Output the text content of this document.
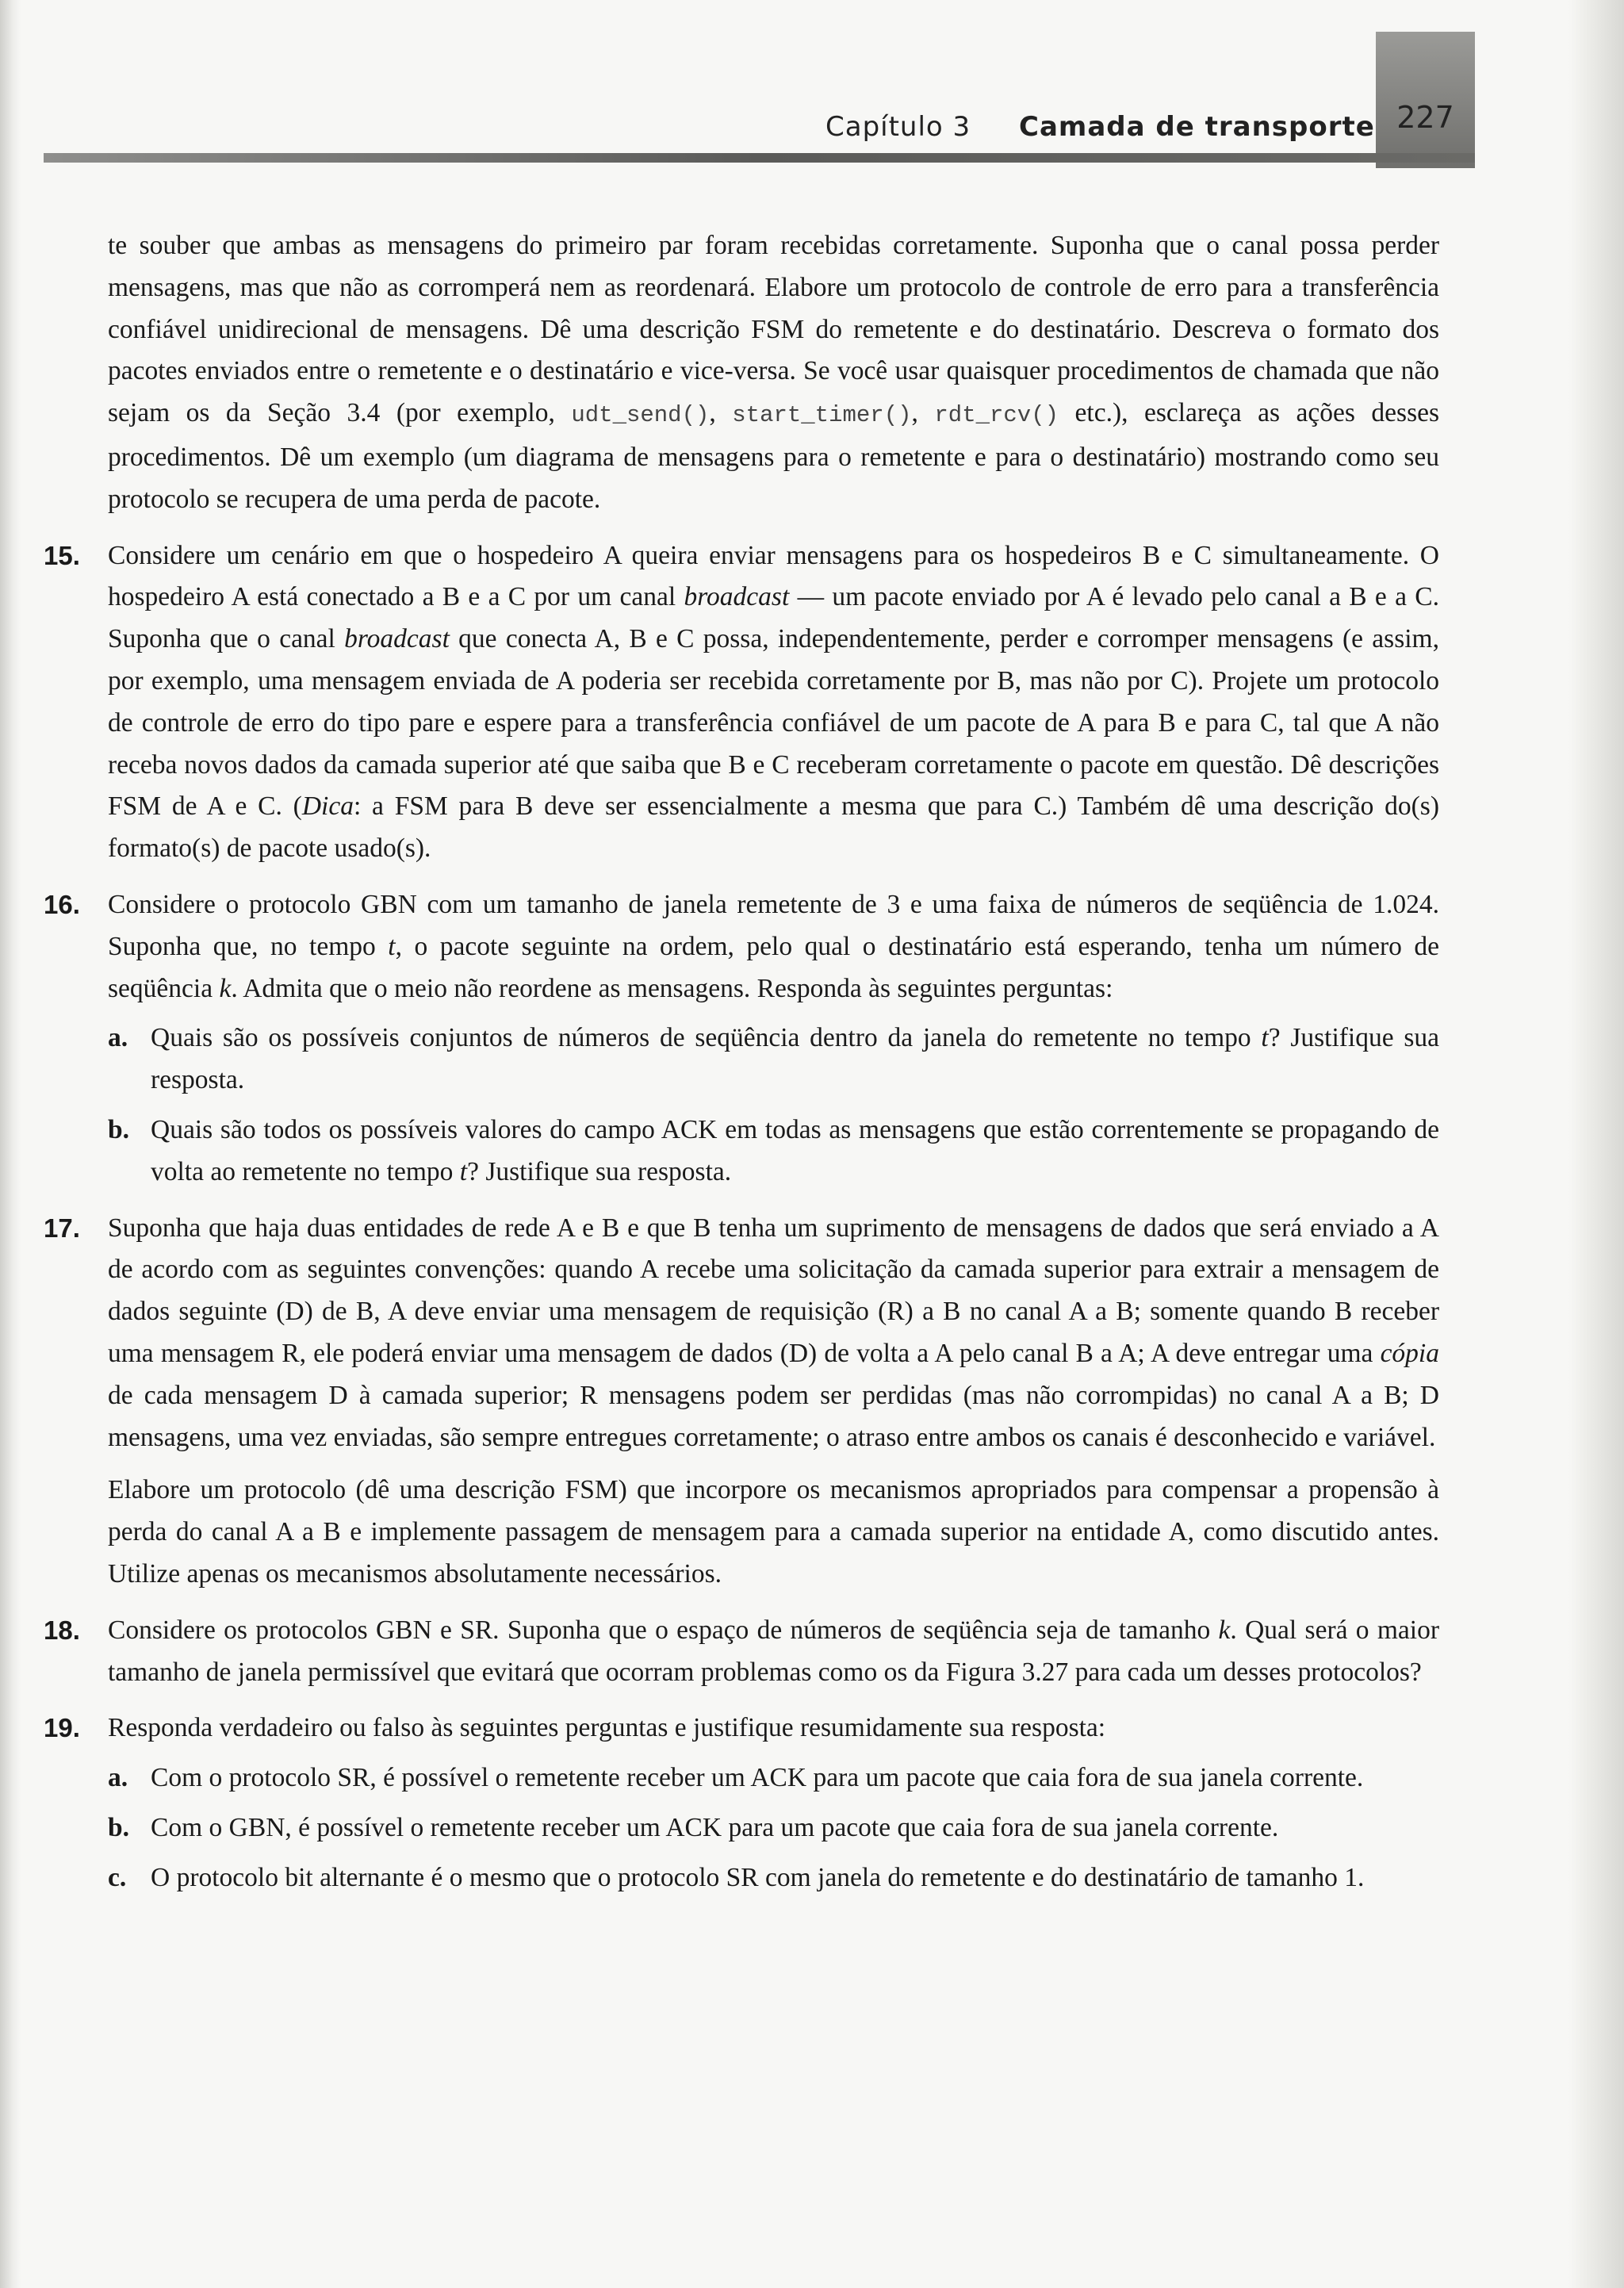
227
Capítulo 3 Camada de transporte

te souber que ambas as mensagens do primeiro par foram recebidas corretamente. Suponha que o canal possa perder mensagens, mas que não as corromperá nem as reordenará. Elabore um protocolo de controle de erro para a transferência confiável unidirecional de mensagens. Dê uma descrição FSM do remetente e do destinatário. Descreva o formato dos pacotes enviados entre o remetente e o destinatário e vice-versa. Se você usar quaisquer procedimentos de chamada que não sejam os da Seção 3.4 (por exemplo, udt_send(), start_timer(), rdt_rcv() etc.), esclareça as ações desses procedimentos. Dê um exemplo (um diagrama de mensagens para o remetente e para o destinatário) mostrando como seu protocolo se recupera de uma perda de pacote.

15. Considere um cenário em que o hospedeiro A queira enviar mensagens para os hospedeiros B e C simultaneamente. O hospedeiro A está conectado a B e a C por um canal broadcast — um pacote enviado por A é levado pelo canal a B e a C. Suponha que o canal broadcast que conecta A, B e C possa, independentemente, perder e corromper mensagens (e assim, por exemplo, uma mensagem enviada de A poderia ser recebida corretamente por B, mas não por C). Projete um protocolo de controle de erro do tipo pare e espere para a transferência confiável de um pacote de A para B e para C, tal que A não receba novos dados da camada superior até que saiba que B e C receberam corretamente o pacote em questão. Dê descrições FSM de A e C. (Dica: a FSM para B deve ser essencialmente a mesma que para C.) Também dê uma descrição do(s) formato(s) de pacote usado(s).
16. Considere o protocolo GBN com um tamanho de janela remetente de 3 e uma faixa de números de seqüência de 1.024. Suponha que, no tempo t, o pacote seguinte na ordem, pelo qual o destinatário está esperando, tenha um número de seqüência k. Admita que o meio não reordene as mensagens. Responda às seguintes perguntas:
a. Quais são os possíveis conjuntos de números de seqüência dentro da janela do remetente no tempo t? Justifique sua resposta.
b. Quais são todos os possíveis valores do campo ACK em todas as mensagens que estão correntemente se propagando de volta ao remetente no tempo t? Justifique sua resposta.
17. Suponha que haja duas entidades de rede A e B e que B tenha um suprimento de mensagens de dados que será enviado a A de acordo com as seguintes convenções: quando A recebe uma solicitação da camada superior para extrair a mensagem de dados seguinte (D) de B, A deve enviar uma mensagem de requisição (R) a B no canal A a B; somente quando B receber uma mensagem R, ele poderá enviar uma mensagem de dados (D) de volta a A pelo canal B a A; A deve entregar uma cópia de cada mensagem D à camada superior; R mensagens podem ser perdidas (mas não corrompidas) no canal A a B; D mensagens, uma vez enviadas, são sempre entregues corretamente; o atraso entre ambos os canais é desconhecido e variável.
Elabore um protocolo (dê uma descrição FSM) que incorpore os mecanismos apropriados para compensar a propensão à perda do canal A a B e implemente passagem de mensagem para a camada superior na entidade A, como discutido antes. Utilize apenas os mecanismos absolutamente necessários.
18. Considere os protocolos GBN e SR. Suponha que o espaço de números de seqüência seja de tamanho k. Qual será o maior tamanho de janela permissível que evitará que ocorram problemas como os da Figura 3.27 para cada um desses protocolos?
19. Responda verdadeiro ou falso às seguintes perguntas e justifique resumidamente sua resposta:
a. Com o protocolo SR, é possível o remetente receber um ACK para um pacote que caia fora de sua janela corrente.
b. Com o GBN, é possível o remetente receber um ACK para um pacote que caia fora de sua janela corrente.
c. O protocolo bit alternante é o mesmo que o protocolo SR com janela do remetente e do destinatário de tamanho 1.
